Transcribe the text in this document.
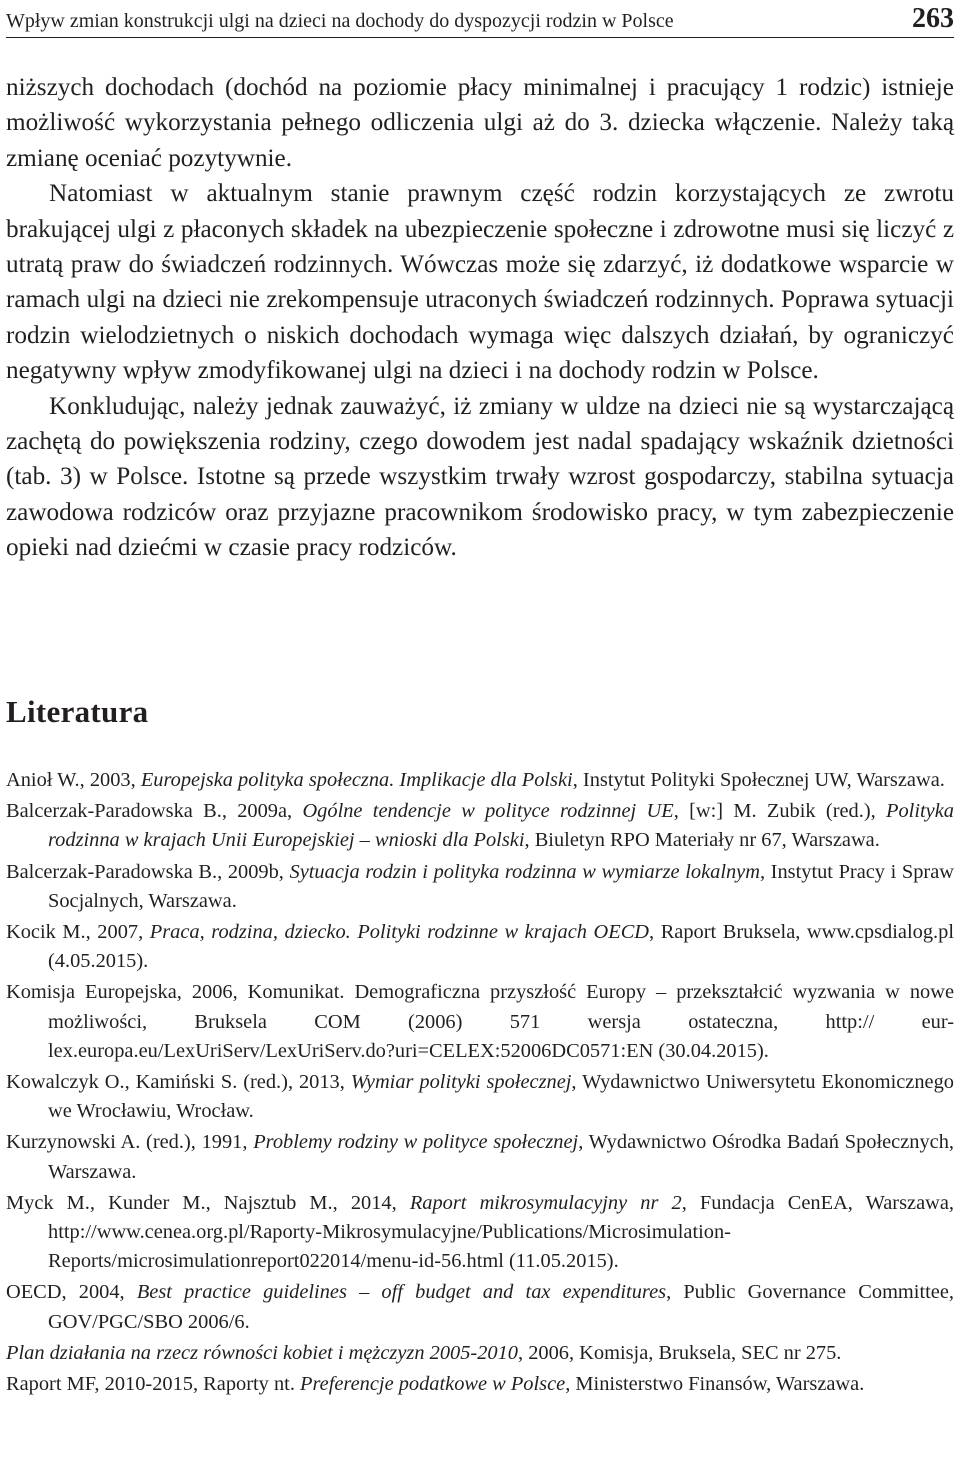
Wpływ zmian konstrukcji ulgi na dzieci na dochody do dyspozycji rodzin w Polsce	263

niższych dochodach (dochód na poziomie płacy minimalnej i pracujący 1 rodzic) istnieje możliwość wykorzystania pełnego odliczenia ulgi aż do 3. dziecka włączenie. Należy taką zmianę oceniać pozytywnie.

Natomiast w aktualnym stanie prawnym część rodzin korzystających ze zwrotu brakującej ulgi z płaconych składek na ubezpieczenie społeczne i zdrowotne musi się liczyć z utratą praw do świadczeń rodzinnych. Wówczas może się zdarzyć, iż dodatkowe wsparcie w ramach ulgi na dzieci nie zrekompensuje utraconych świadczeń rodzinnych. Poprawa sytuacji rodzin wielodzietnych o niskich dochodach wymaga więc dalszych działań, by ograniczyć negatywny wpływ zmodyfikowanej ulgi na dzieci i na dochody rodzin w Polsce.

Konkludując, należy jednak zauważyć, iż zmiany w uldze na dzieci nie są wystarczającą zachętą do powiększenia rodziny, czego dowodem jest nadal spadający wskaźnik dzietności (tab. 3) w Polsce. Istotne są przede wszystkim trwały wzrost gospodarczy, stabilna sytuacja zawodowa rodziców oraz przyjazne pracownikom środowisko pracy, w tym zabezpieczenie opieki nad dziećmi w czasie pracy rodziców.

Literatura
Anioł W., 2003, Europejska polityka społeczna. Implikacje dla Polski, Instytut Polityki Społecznej UW, Warszawa.
Balcerzak-Paradowska B., 2009a, Ogólne tendencje w polityce rodzinnej UE, [w:] M. Zubik (red.), Polityka rodzinna w krajach Unii Europejskiej – wnioski dla Polski, Biuletyn RPO Materiały nr 67, Warszawa.
Balcerzak-Paradowska B., 2009b, Sytuacja rodzin i polityka rodzinna w wymiarze lokalnym, Instytut Pracy i Spraw Socjalnych, Warszawa.
Kocik M., 2007, Praca, rodzina, dziecko. Polityki rodzinne w krajach OECD, Raport Bruksela, www.cpsdialog.pl (4.05.2015).
Komisja Europejska, 2006, Komunikat. Demograficzna przyszłość Europy – przekształcić wyzwania w nowe możliwości, Bruksela COM (2006) 571 wersja ostateczna, http:// eur-lex.europa.eu/LexUriServ/LexUriServ.do?uri=CELEX:52006DC0571:EN (30.04.2015).
Kowalczyk O., Kamiński S. (red.), 2013, Wymiar polityki społecznej, Wydawnictwo Uniwersytetu Ekonomicznego we Wrocławiu, Wrocław.
Kurzynowski A. (red.), 1991, Problemy rodziny w polityce społecznej, Wydawnictwo Ośrodka Badań Społecznych, Warszawa.
Myck M., Kunder M., Najsztub M., 2014, Raport mikrosymulacyjny nr 2, Fundacja CenEA, Warszawa, http://www.cenea.org.pl/Raporty-Mikrosymulacyjne/Publications/Microsimulation-Reports/microsimulationreport022014/menu-id-56.html (11.05.2015).
OECD, 2004, Best practice guidelines – off budget and tax expenditures, Public Governance Committee, GOV/PGC/SBO 2006/6.
Plan działania na rzecz równości kobiet i mężczyzn 2005-2010, 2006, Komisja, Bruksela, SEC nr 275.
Raport MF, 2010-2015, Raporty nt. Preferencje podatkowe w Polsce, Ministerstwo Finansów, Warszawa.
